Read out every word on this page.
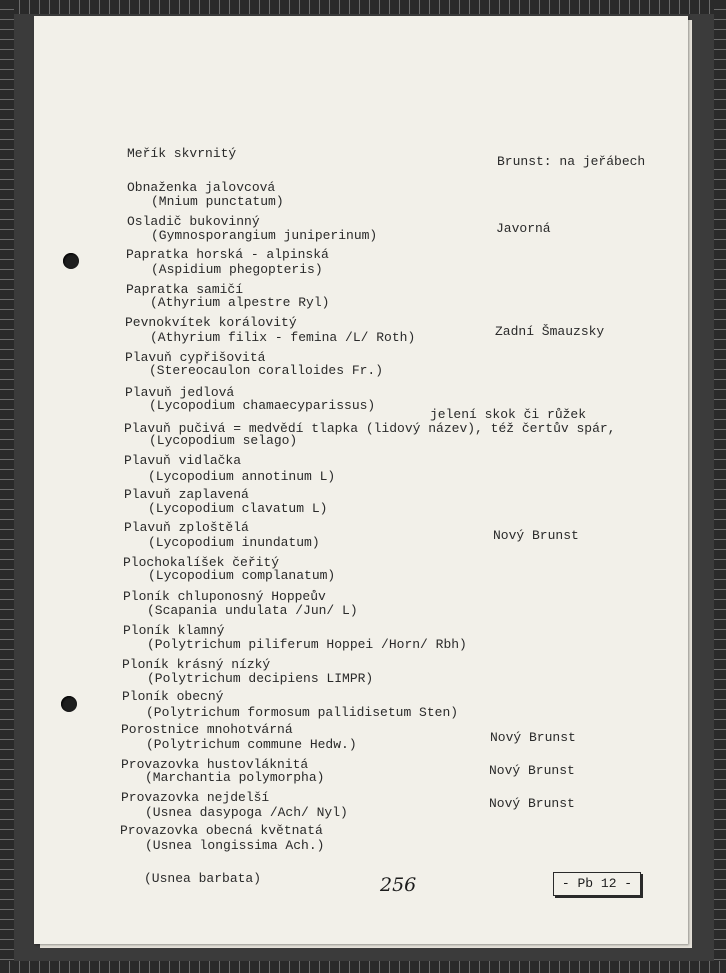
Meřík skvrnitý

(Mnium punctatum)

Obnaženka jalovcová

(Gymnosporangium juniperinum)

Brunst: na jeřábech

Osladič bukovinný

(Aspidium phegopteris)

Papratka horská - alpinská

(Athyrium alpestre Ryl)

Javorná

Papratka samičí

(Athyrium filix - femina /L/ Roth)

Pevnokvítek korálovitý

(Stereocaulon coralloides Fr.)

Plavuň cypřišovitá

(Lycopodium chamaecyparissus)

Zadní Šmauzsky

Plavuň jedlová

(Lycopodium selago)

Plavuň pučivá = medvědí tlapka (lidový název), též čertův spár,

(Lycopodium annotinum L)

jelení skok či růžek

Plavuň vidlačka

(Lycopodium clavatum L)

Plavuň zaplavená

(Lycopodium inundatum)

Plavuň zploštělá

(Lycopodium complanatum)

Plochokalíšek čeřitý

(Scapania undulata /Jun/ L)

Nový Brunst

Ploník chluponosný Hoppeův

(Polytrichum piliferum Hoppei /Horn/ Rbh)

Ploník klamný

(Polytrichum decipiens LIMPR)

Ploník krásný nízký

(Polytrichum formosum pallidisetum Sten)

Ploník obecný

(Polytrichum commune Hedw.)

Porostnice mnohotvárná

(Marchantia polymorpha)

Provazovka hustovláknitá

(Usnea dasypoga /Ach/ Nyl)

Nový Brunst

Provazovka nejdelší

(Usnea longissima Ach.)

Nový Brunst

Provazovka obecná květnatá

(Usnea barbata)

Nový Brunst
256	- Pb 12 -
